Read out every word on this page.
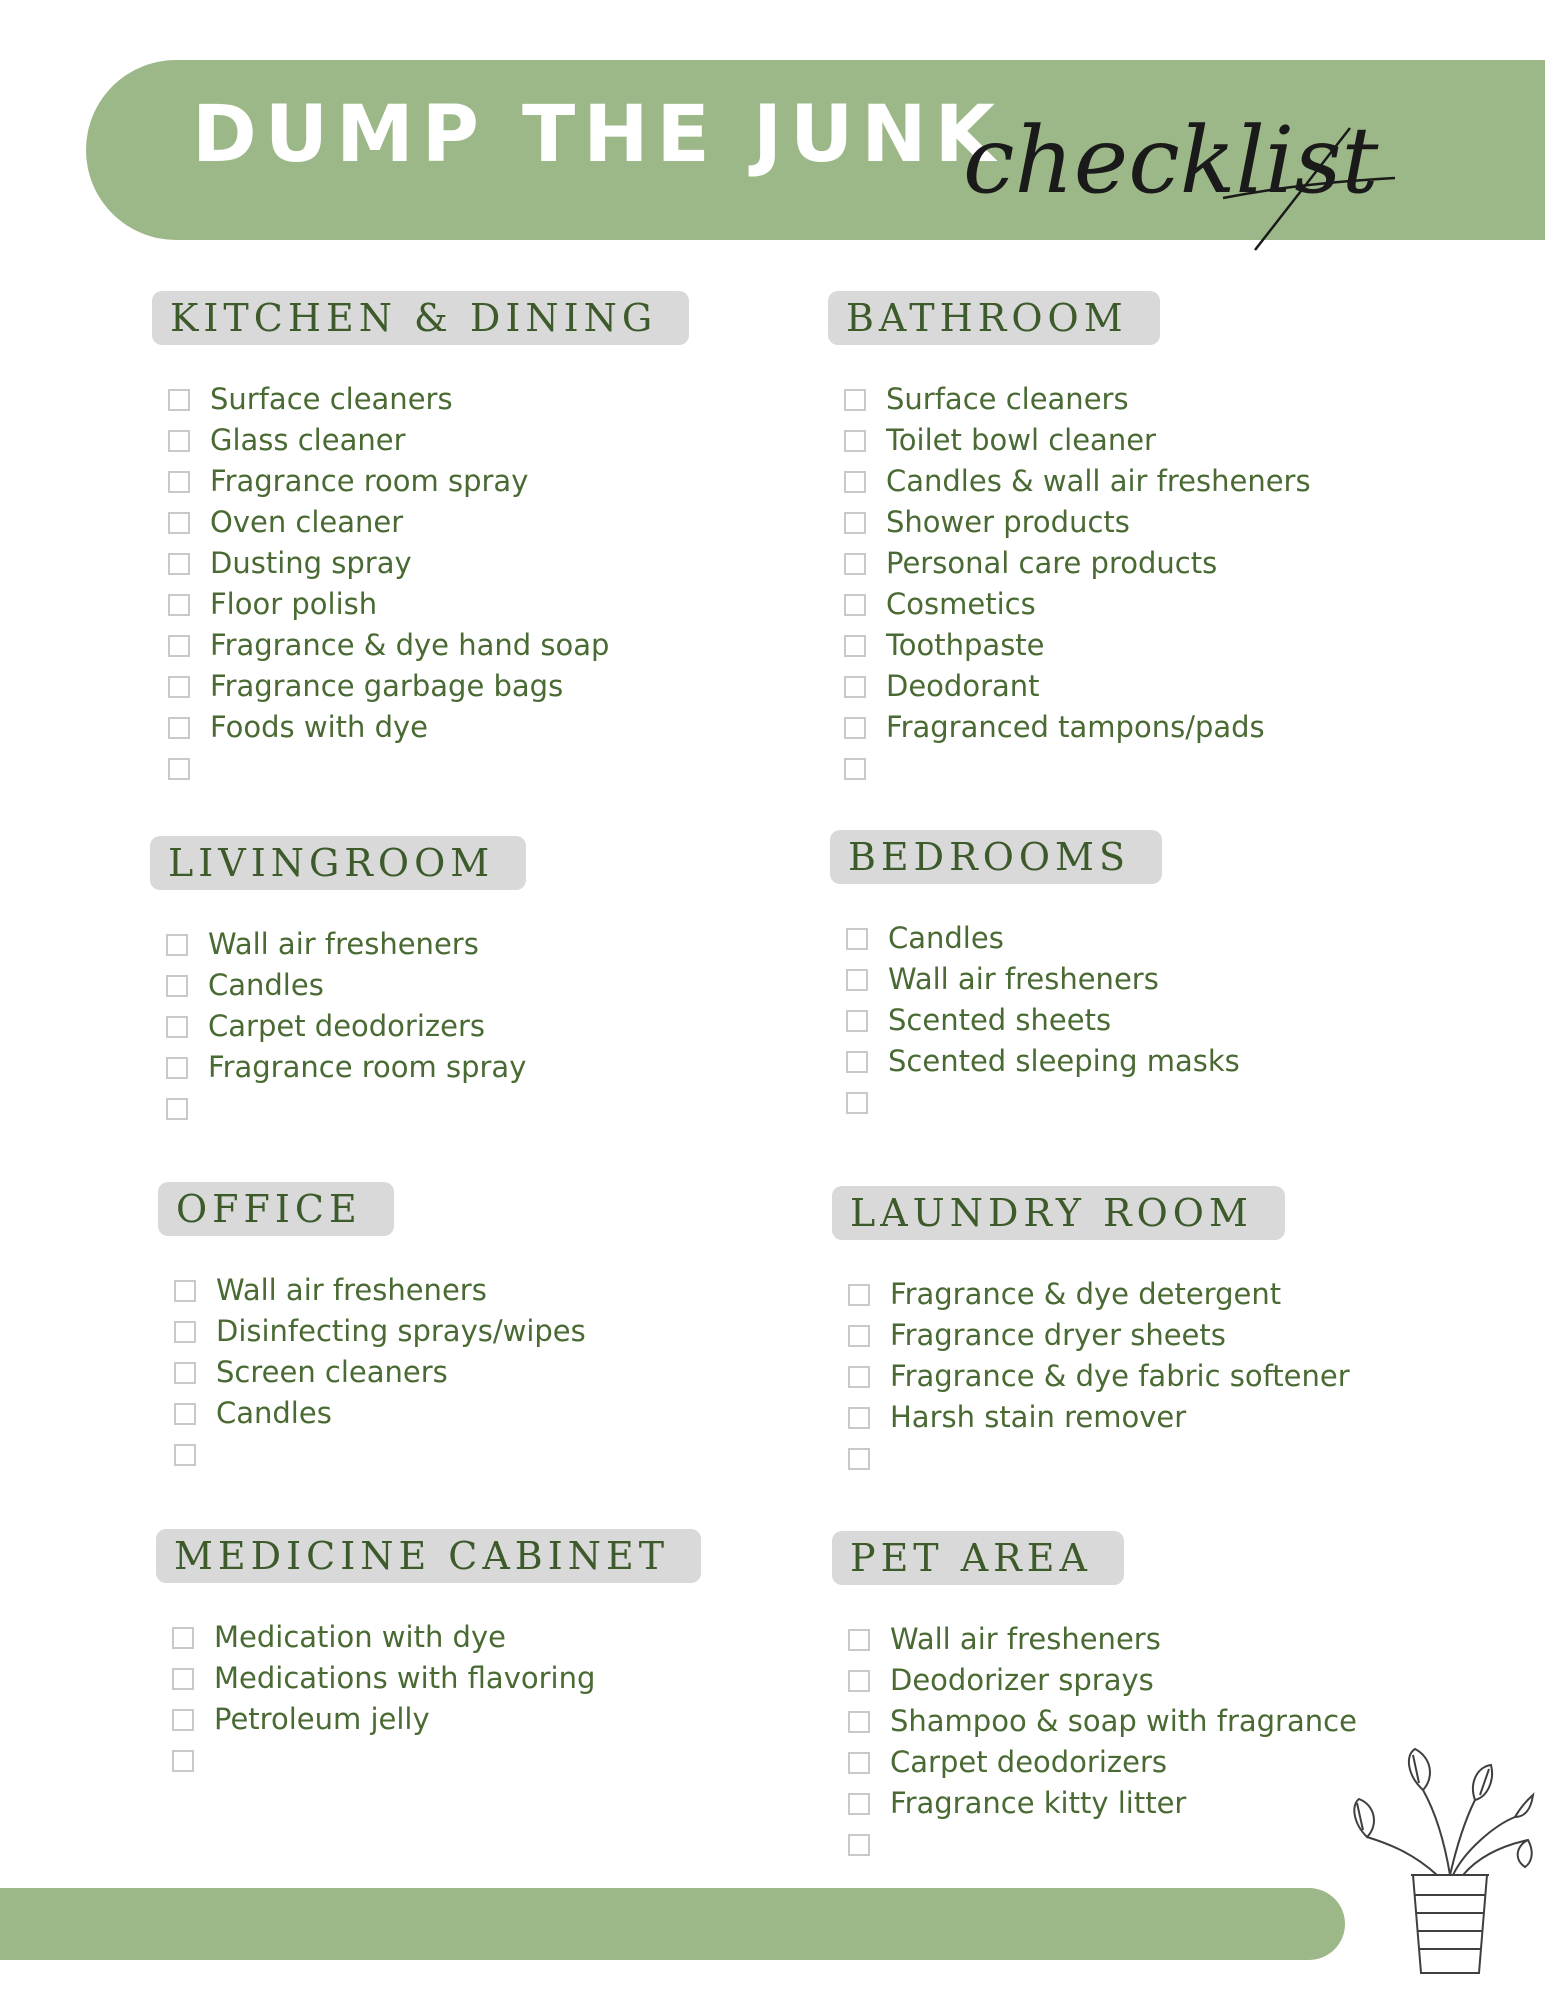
DUMP THE JUNK
checklist
KITCHEN & DINING
Surface cleaners
Glass cleaner
Fragrance room spray
Oven cleaner
Dusting spray
Floor polish
Fragrance & dye hand soap
Fragrance garbage bags
Foods with dye
BATHROOM
Surface cleaners
Toilet bowl cleaner
Candles & wall air fresheners
Shower products
Personal care products
Cosmetics
Toothpaste
Deodorant
Fragranced tampons/pads
LIVINGROOM
Wall air fresheners
Candles
Carpet deodorizers
Fragrance room spray
BEDROOMS
Candles
Wall air fresheners
Scented sheets
Scented sleeping masks
OFFICE
Wall air fresheners
Disinfecting sprays/wipes
Screen cleaners
Candles
LAUNDRY ROOM
Fragrance & dye detergent
Fragrance dryer sheets
Fragrance & dye fabric softener
Harsh stain remover
MEDICINE CABINET
Medication with dye
Medications with flavoring
Petroleum jelly
PET AREA
Wall air fresheners
Deodorizer sprays
Shampoo & soap with fragrance
Carpet deodorizers
Fragrance kitty litter
